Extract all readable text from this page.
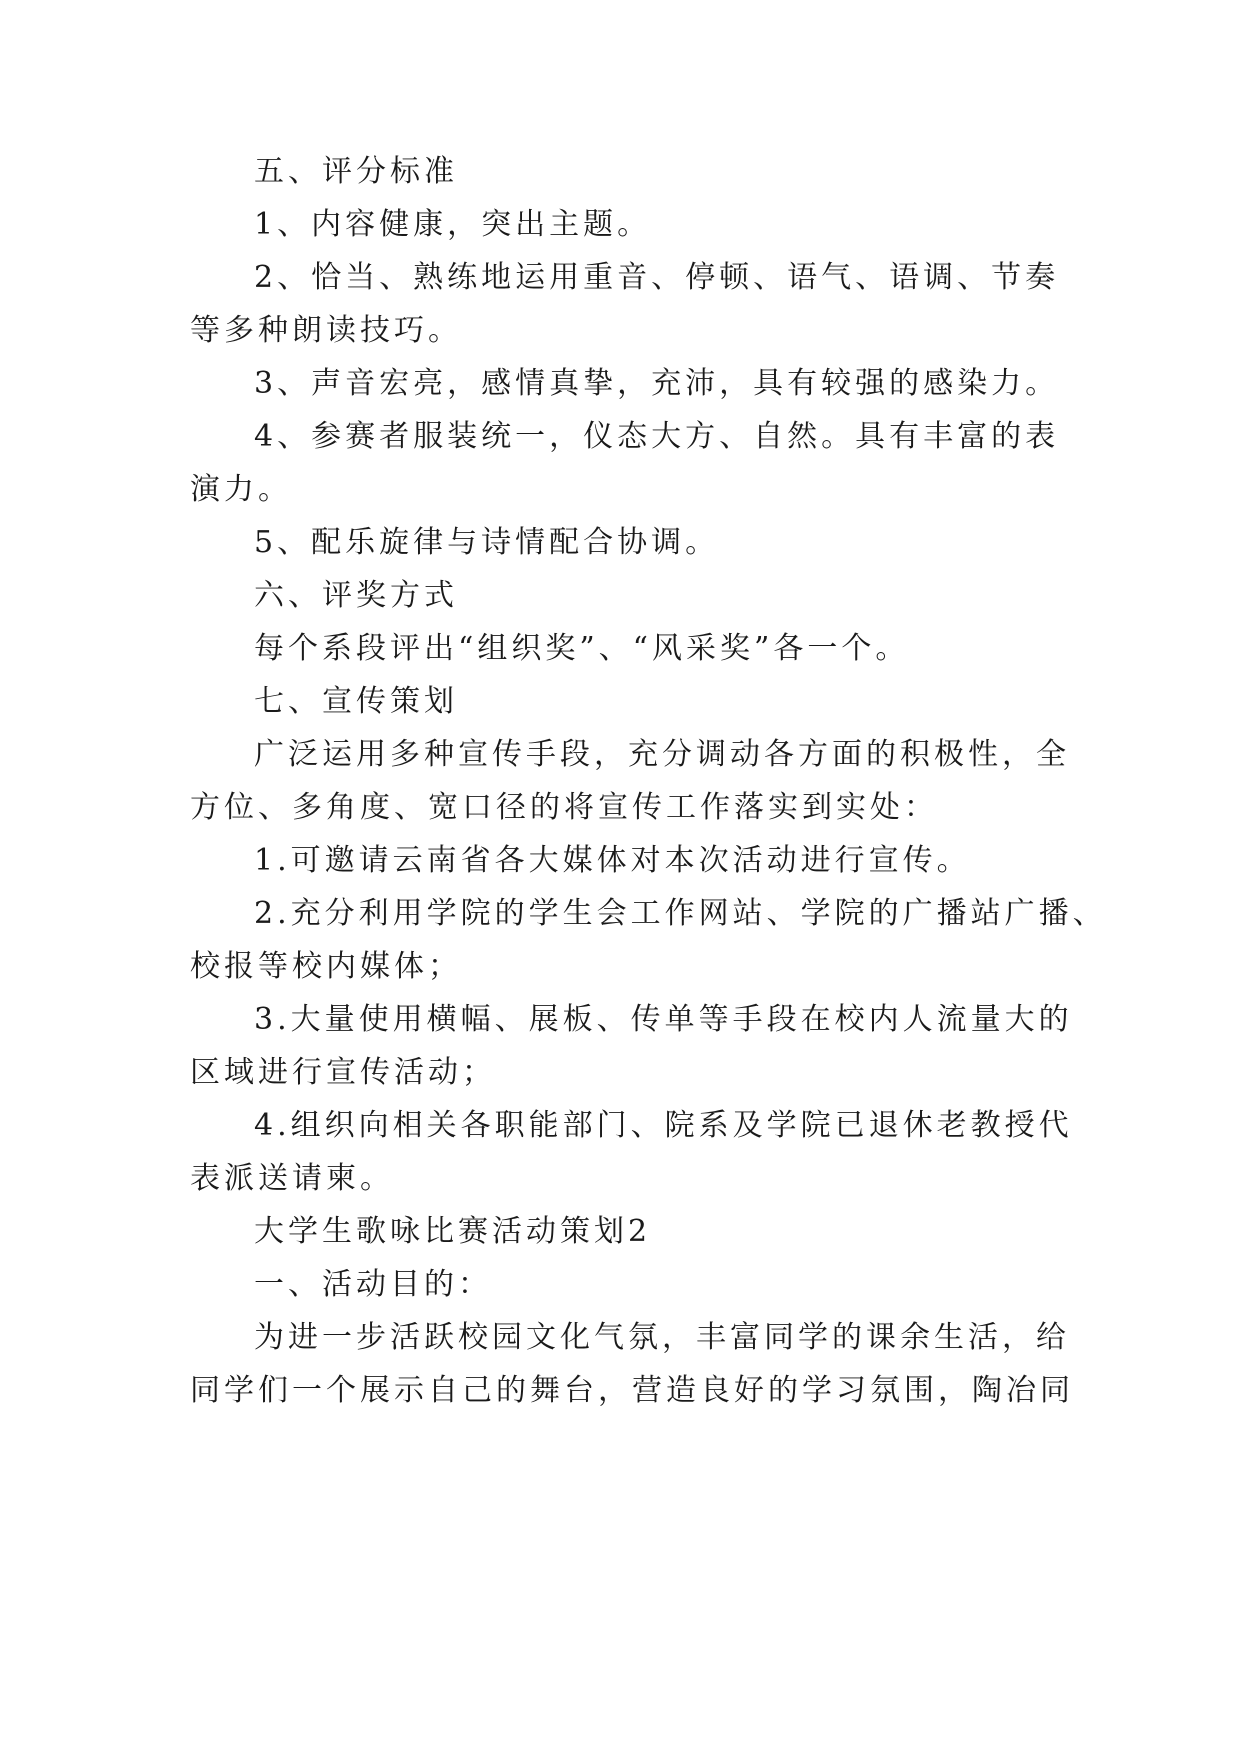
五、评分标准
1、内容健康，突出主题。
2、恰当、熟练地运用重音、停顿、语气、语调、节奏
等多种朗读技巧。
3、声音宏亮，感情真挚，充沛，具有较强的感染力。
4、参赛者服装统一，仪态大方、自然。具有丰富的表
演力。
5、配乐旋律与诗情配合协调。
六、评奖方式
每个系段评出“组织奖”、“风采奖”各一个。
七、宣传策划
广泛运用多种宣传手段，充分调动各方面的积极性，全
方位、多角度、宽口径的将宣传工作落实到实处：
1.可邀请云南省各大媒体对本次活动进行宣传。
2.充分利用学院的学生会工作网站、学院的广播站广播、
校报等校内媒体；
3.大量使用横幅、展板、传单等手段在校内人流量大的
区域进行宣传活动；
4.组织向相关各职能部门、院系及学院已退休老教授代
表派送请柬。
大学生歌咏比赛活动策划2
一、活动目的：
为进一步活跃校园文化气氛，丰富同学的课余生活，给
同学们一个展示自己的舞台，营造良好的学习氛围，陶冶同
